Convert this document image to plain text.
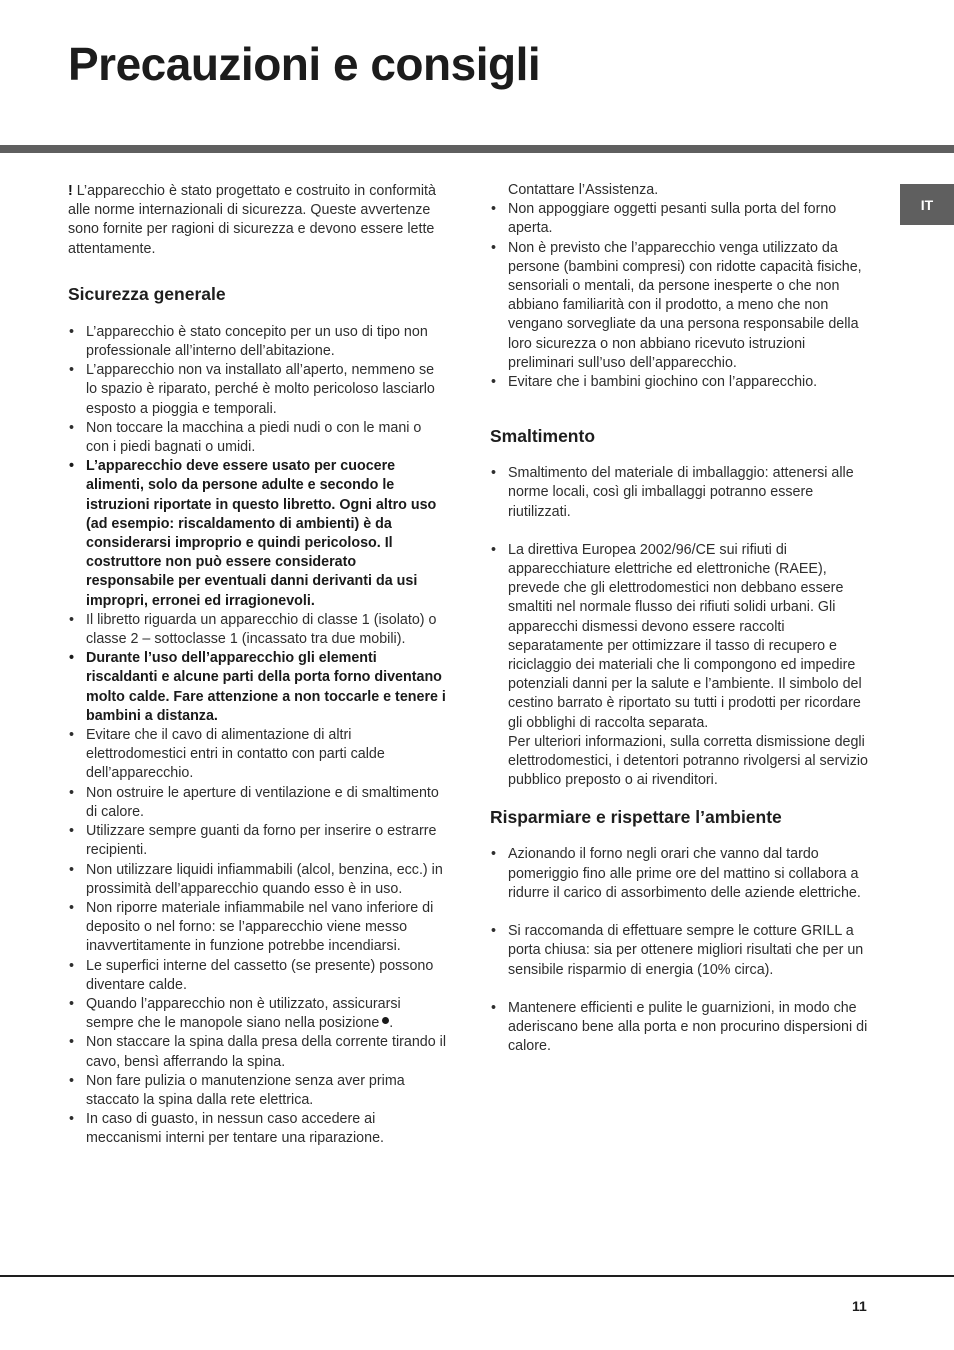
Precauzioni e consigli
IT

! L’apparecchio è stato progettato e costruito in conformità alle norme internazionali di sicurezza. Queste avvertenze sono fornite per ragioni di sicurezza e devono essere lette attentamente.

Sicurezza generale
• L’apparecchio è stato concepito per un uso di tipo non professionale all’interno dell’abitazione.
• L’apparecchio non va installato all’aperto, nemmeno se lo spazio è riparato, perché è molto pericoloso lasciarlo esposto a pioggia e temporali.
• Non toccare la macchina a piedi nudi o con le mani o con i piedi bagnati o umidi.
• L’apparecchio deve essere usato per cuocere alimenti, solo da persone adulte e secondo le istruzioni riportate in questo libretto. Ogni altro uso (ad esempio: riscaldamento di ambienti) è da considerarsi improprio e quindi pericoloso. Il costruttore non può essere considerato responsabile per eventuali danni derivanti da usi impropri, erronei ed irragionevoli.
• Il libretto riguarda un apparecchio di classe 1 (isolato) o classe 2 – sottoclasse 1 (incassato tra due mobili).
• Durante l’uso dell’apparecchio gli elementi riscaldanti e alcune parti della porta forno diventano molto calde. Fare attenzione a non toccarle e tenere i bambini a distanza.
• Evitare che il cavo di alimentazione di altri elettrodomestici entri in contatto con parti calde dell’apparecchio.
• Non ostruire le aperture di ventilazione e di smaltimento di calore.
• Utilizzare sempre guanti da forno per inserire o estrarre recipienti.
• Non utilizzare liquidi infiammabili (alcol, benzina, ecc.) in prossimità dell’apparecchio quando esso è in uso.
• Non riporre materiale infiammabile nel vano inferiore di deposito o nel forno: se l’apparecchio viene messo inavvertitamente in funzione potrebbe incendiarsi.
• Le superfici interne del cassetto (se presente) possono diventare calde.
• Quando l’apparecchio non è utilizzato, assicurarsi sempre che le manopole siano nella posizione .
• Non staccare la spina dalla presa della corrente tirando il cavo, bensì afferrando la spina.
• Non fare pulizia o manutenzione senza aver prima staccato la spina dalla rete elettrica.
• In caso di guasto, in nessun caso accedere ai meccanismi interni per tentare una riparazione.

Contattare l’Assistenza.

• Non appoggiare oggetti pesanti sulla porta del forno aperta.
• Non è previsto che l’apparecchio venga utilizzato da persone (bambini compresi) con ridotte capacità fisiche, sensoriali o mentali, da persone inesperte o che non abbiano familiarità con il prodotto, a meno che non vengano sorvegliate da una persona responsabile della loro sicurezza o non abbiano ricevuto istruzioni preliminari sull’uso dell’apparecchio.
• Evitare che i bambini giochino con l’apparecchio.
Smaltimento
• Smaltimento del materiale di imballaggio: attenersi alle norme locali, così gli imballaggi potranno essere riutilizzati.
• La direttiva Europea 2002/96/CE sui rifiuti di apparecchiature elettriche ed elettroniche (RAEE), prevede che gli elettrodomestici non debbano essere smaltiti nel normale flusso dei rifiuti solidi urbani. Gli apparecchi dismessi devono essere raccolti separatamente per ottimizzare il tasso di recupero e riciclaggio dei materiali che li compongono ed impedire potenziali danni per la salute e l’ambiente. Il simbolo del cestino barrato è riportato su tutti i prodotti per ricordare gli obblighi di raccolta separata.
Per ulteriori informazioni, sulla corretta dismissione degli elettrodomestici, i detentori potranno rivolgersi al servizio pubblico preposto o ai rivenditori.
Risparmiare e rispettare l’ambiente
• Azionando il forno negli orari che vanno dal tardo pomeriggio fino alle prime ore del mattino si collabora a ridurre il carico di assorbimento delle aziende elettriche.
• Si raccomanda di effettuare sempre le cotture GRILL a porta chiusa: sia per ottenere migliori risultati che per un sensibile risparmio di energia (10% circa).
• Mantenere efficienti e pulite le guarnizioni, in modo che aderiscano bene alla porta e non procurino dispersioni di calore.
11
